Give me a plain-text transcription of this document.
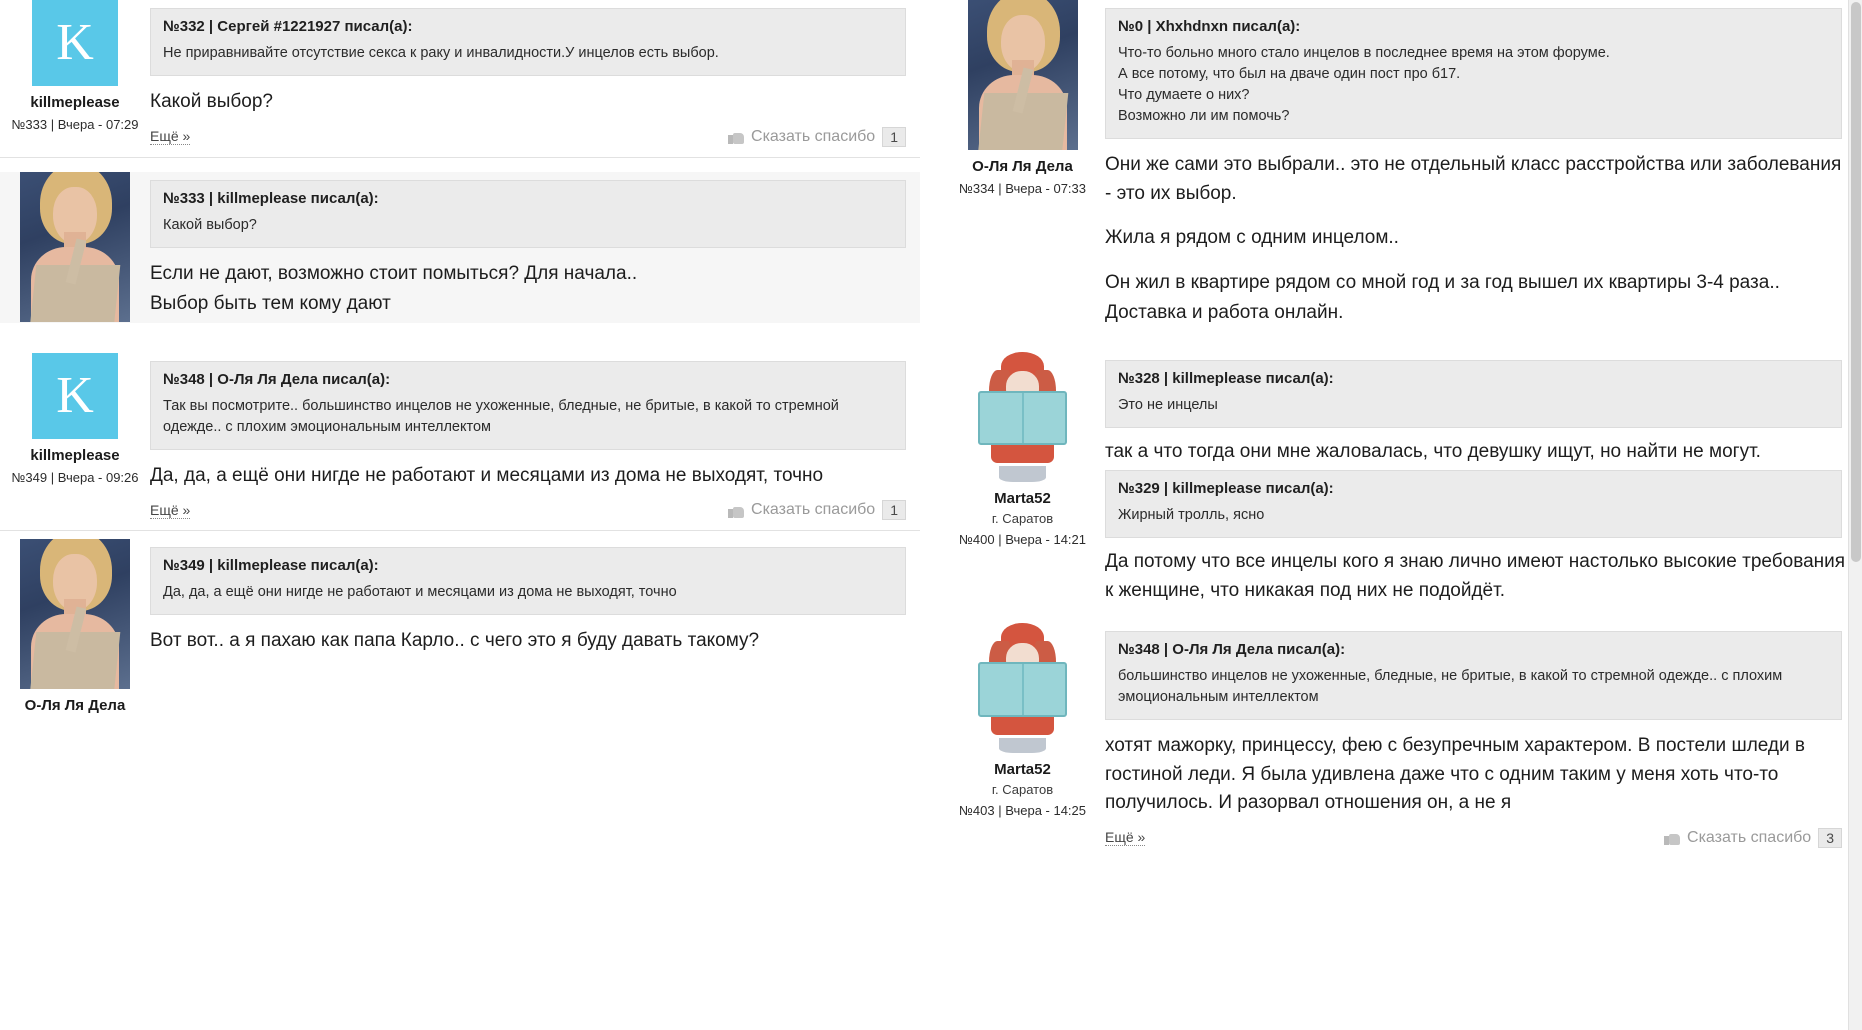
K
killmeplease
№333 | Вчера - 07:29
№332 | Сергей #1221927 писал(а):
Не приравнивайте отсутствие секса к раку и инвалидности.У инцелов есть выбор.

Какой выбор?

Ещё »	Сказать спасибо	1
№333 | killmeplease писал(а):
Какой выбор?

Если не дают, возможно стоит помыться? Для начала..

Выбор быть тем кому дают

K
killmeplease
№349 | Вчера - 09:26
№348 | О-Ля Ля Дела писал(а):
Так вы посмотрите.. большинство инцелов не ухоженные, бледные, не бритые, в какой то стремной одежде.. с плохим эмоциональным интеллектом

Да, да, а ещё они нигде не работают и месяцами из дома не выходят, точно

Ещё »	Сказать спасибо	1
О-Ля Ля Дела
№349 | killmeplease писал(а):
Да, да, а ещё они нигде не работают и месяцами из дома не выходят, точно

Вот вот.. а я пахаю как папа Карло.. с чего это я буду давать такому?

О-Ля Ля Дела
№334 | Вчера - 07:33
№0 | Xhxhdnxn писал(а):
Что-то больно много стало инцелов в последнее время на этом форуме.
А все потому, что был на дваче один пост про б17.
Что думаете о них?
Возможно ли им помочь?

Они же сами это выбрали.. это не отдельный класс расстройства или заболевания - это их выбор.

Жила я рядом с одним инцелом..

Он жил в квартире рядом со мной год и за год вышел их квартиры 3-4 раза..

Доставка и работа онлайн.

Marta52
г. Саратов
№400 | Вчера - 14:21
№328 | killmeplease писал(а):
Это не инцелы

так а что тогда они мне жаловалась, что девушку ищут, но найти не могут.

№329 | killmeplease писал(а):
Жирный тролль, ясно

Да потому что все инцелы кого я знаю лично имеют настолько высокие требования к женщине, что никакая под них не подойдёт.

Marta52
г. Саратов
№403 | Вчера - 14:25
№348 | О-Ля Ля Дела писал(а):
большинство инцелов не ухоженные, бледные, не бритые, в какой то стремной одежде.. с плохим эмоциональным интеллектом

хотят мажорку, принцессу, фею с безупречным характером. В постели шледи в гостиной леди. Я была удивлена даже что с одним таким у меня хоть что-то получилось. И разорвал отношения он, а не я

Ещё »	Сказать спасибо	3
